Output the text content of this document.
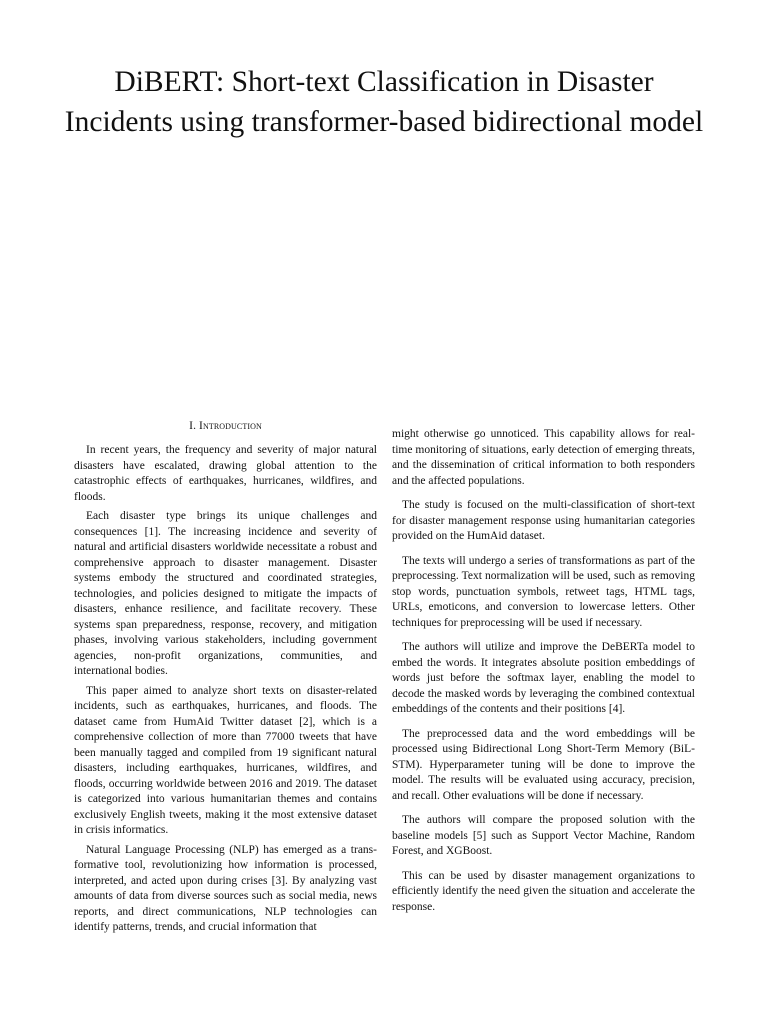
DiBERT: Short-text Classification in Disaster Incidents using transformer-based bidirectional model
I. Introduction

In recent years, the frequency and severity of major natural disasters have escalated, drawing global attention to the catastrophic effects of earthquakes, hurricanes, wildfires, and floods.

Each disaster type brings its unique challenges and consequences [1]. The increasing incidence and severity of natural and artificial disasters worldwide necessitate a robust and comprehensive approach to disaster management. Disaster systems embody the structured and coordinated strategies, technologies, and policies designed to mitigate the impacts of disasters, enhance resilience, and facilitate recovery. These systems span preparedness, response, recovery, and mitigation phases, involving various stakeholders, including government agencies, non-profit organizations, communities, and international bodies.

This paper aimed to analyze short texts on disaster-related incidents, such as earthquakes, hurricanes, and floods. The dataset came from HumAid Twitter dataset [2], which is a comprehensive collection of more than 77000 tweets that have been manually tagged and compiled from 19 significant natural disasters, including earthquakes, hurricanes, wildfires, and floods, occurring worldwide between 2016 and 2019. The dataset is categorized into various humanitarian themes and contains exclusively English tweets, making it the most extensive dataset in crisis informatics.

Natural Language Processing (NLP) has emerged as a trans- formative tool, revolutionizing how information is processed, interpreted, and acted upon during crises [3]. By analyzing vast amounts of data from diverse sources such as social media, news reports, and direct communications, NLP technologies can identify patterns, trends, and crucial information that

might otherwise go unnoticed. This capability allows for real-time monitoring of situations, early detection of emerging threats, and the dissemination of critical information to both responders and the affected populations.

The study is focused on the multi-classification of short-text for disaster management response using humanitarian categories provided on the HumAid dataset.

The texts will undergo a series of transformations as part of the preprocessing. Text normalization will be used, such as removing stop words, punctuation symbols, retweet tags, HTML tags, URLs, emoticons, and conversion to lowercase letters. Other techniques for preprocessing will be used if necessary.

The authors will utilize and improve the DeBERTa model to embed the words. It integrates absolute position embeddings of words just before the softmax layer, enabling the model to decode the masked words by leveraging the combined contextual embeddings of the contents and their positions [4].

The preprocessed data and the word embeddings will be processed using Bidirectional Long Short-Term Memory (BiL- STM). Hyperparameter tuning will be done to improve the model. The results will be evaluated using accuracy, precision, and recall. Other evaluations will be done if necessary.

The authors will compare the proposed solution with the baseline models [5] such as Support Vector Machine, Random Forest, and XGBoost.

This can be used by disaster management organizations to efficiently identify the need given the situation and accelerate the response.
